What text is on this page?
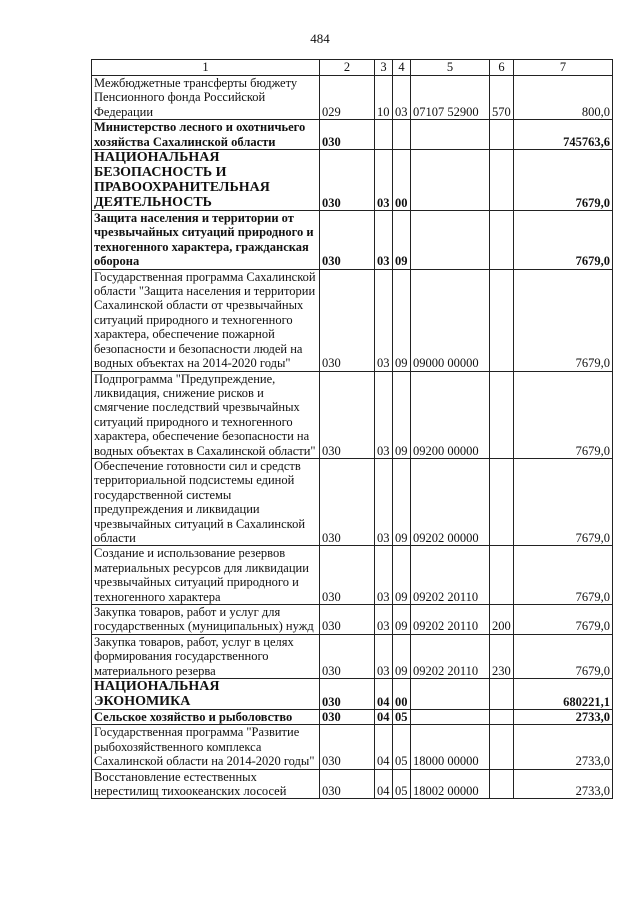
484
1	2	3	4	5	6	7
Межбюджетные трансферты бюджету Пенсионного фонда Российской Федерации	029	10	03	07107 52900	570	800,0
Министерство лесного и охотничьего хозяйства Сахалинской области	030					745763,6
НАЦИОНАЛЬНАЯ БЕЗОПАСНОСТЬ И ПРАВООХРАНИТЕЛЬНАЯ ДЕЯТЕЛЬНОСТЬ	030	03	00			7679,0
Защита населения и территории от чрезвычайных ситуаций природного и техногенного характера, гражданская оборона	030	03	09			7679,0
Государственная программа Сахалинской области "Защита населения и территории Сахалинской области от чрезвычайных ситуаций природного и техногенного характера, обеспечение пожарной безопасности и безопасности людей на водных объектах на 2014-2020 годы"	030	03	09	09000 00000		7679,0
Подпрограмма "Предупреждение, ликвидация, снижение рисков и смягчение последствий чрезвычайных ситуаций природного и техногенного характера, обеспечение безопасности на водных объектах в Сахалинской области"	030	03	09	09200 00000		7679,0
Обеспечение готовности сил и средств территориальной подсистемы единой государственной системы предупреждения и ликвидации чрезвычайных ситуаций в Сахалинской области	030	03	09	09202 00000		7679,0
Создание и использование резервов материальных ресурсов для ликвидации чрезвычайных ситуаций природного и техногенного характера	030	03	09	09202 20110		7679,0
Закупка товаров, работ и услуг для государственных (муниципальных) нужд	030	03	09	09202 20110	200	7679,0
Закупка товаров, работ, услуг в целях формирования государственного материального резерва	030	03	09	09202 20110	230	7679,0
НАЦИОНАЛЬНАЯ ЭКОНОМИКА	030	04	00			680221,1
Сельское хозяйство и рыболовство	030	04	05			2733,0
Государственная программа "Развитие рыбохозяйственного комплекса Сахалинской области на 2014-2020 годы"	030	04	05	18000 00000		2733,0
Восстановление естественных нерестилищ тихоокеанских лососей	030	04	05	18002 00000		2733,0
